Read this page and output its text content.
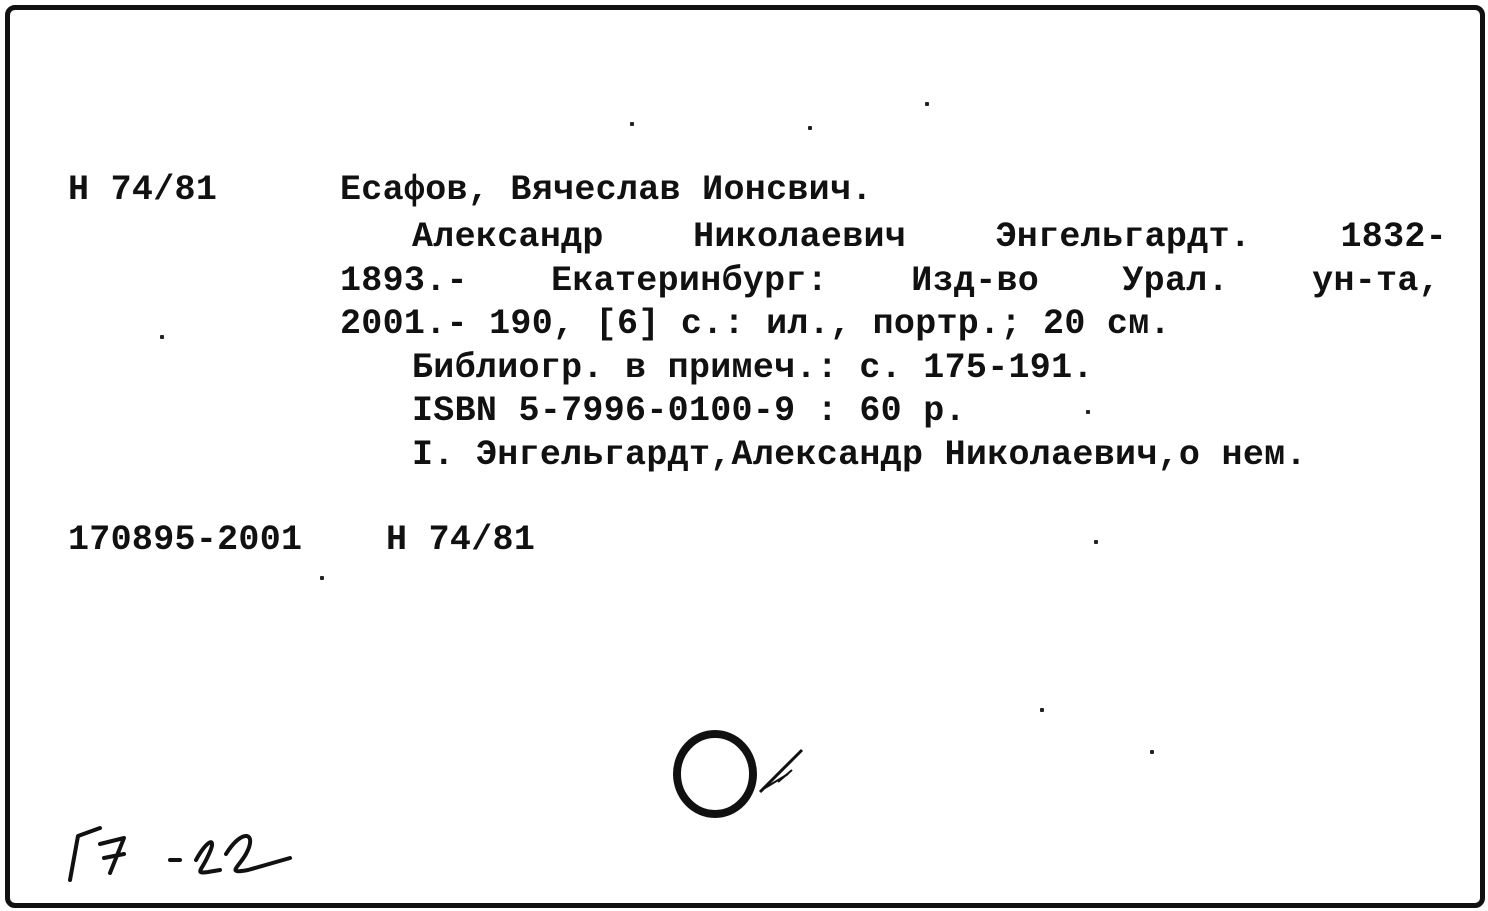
Н 74/81	Есафов, Вячеслав Ионсвич.
Александр	Николаевич	Энгельгардт.	1832-
1893.- Екатеринбург: Изд-во Урал. ун-та,
2001.- 190, [6] с.: ил., портр.; 20 см.
Библиогр. в примеч.: с. 175-191.
ISBN 5-7996-0100-9 : 60 р.
I. Энгельгардт,Александр Николаевич,о нем.
170895-2001 Н 74/81
